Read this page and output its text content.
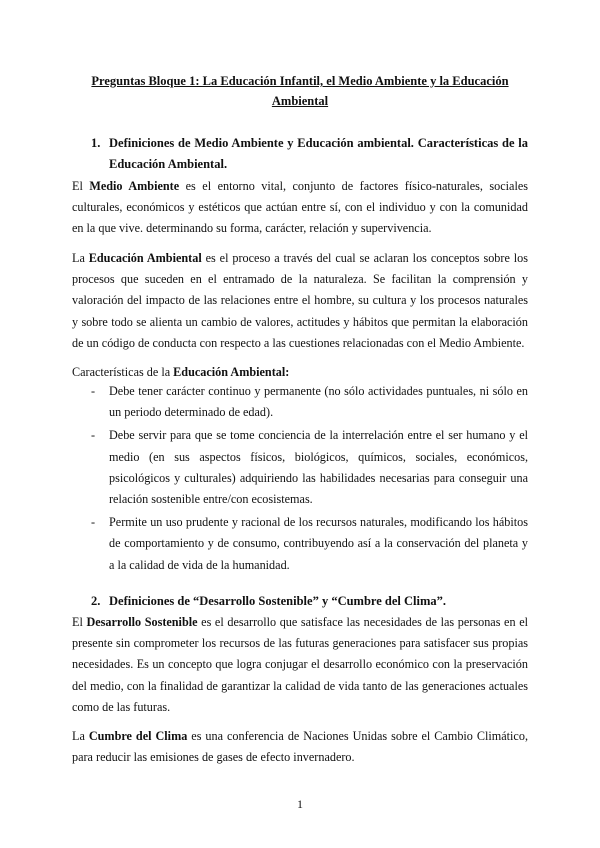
Preguntas Bloque 1: La Educación Infantil, el Medio Ambiente y la Educación Ambiental

1. Definiciones de Medio Ambiente y Educación ambiental. Características de la Educación Ambiental.

El Medio Ambiente es el entorno vital, conjunto de factores físico-naturales, sociales culturales, económicos y estéticos que actúan entre sí, con el individuo y con la comunidad en la que vive. determinando su forma, carácter, relación y supervivencia.

La Educación Ambiental es el proceso a través del cual se aclaran los conceptos sobre los procesos que suceden en el entramado de la naturaleza. Se facilitan la comprensión y valoración del impacto de las relaciones entre el hombre, su cultura y los procesos naturales y sobre todo se alienta un cambio de valores, actitudes y hábitos que permitan la elaboración de un código de conducta con respecto a las cuestiones relacionadas con el Medio Ambiente.

Características de la Educación Ambiental:

- Debe tener carácter continuo y permanente (no sólo actividades puntuales, ni sólo en un periodo determinado de edad).
- Debe servir para que se tome conciencia de la interrelación entre el ser humano y el medio (en sus aspectos físicos, biológicos, químicos, sociales, económicos, psicológicos y culturales) adquiriendo las habilidades necesarias para conseguir una relación sostenible entre/con ecosistemas.
- Permite un uso prudente y racional de los recursos naturales, modificando los hábitos de comportamiento y de consumo, contribuyendo así a la conservación del planeta y a la calidad de vida de la humanidad.
2. Definiciones de “Desarrollo Sostenible” y “Cumbre del Clima”.

El Desarrollo Sostenible es el desarrollo que satisface las necesidades de las personas en el presente sin comprometer los recursos de las futuras generaciones para satisfacer sus propias necesidades. Es un concepto que logra conjugar el desarrollo económico con la preservación del medio, con la finalidad de garantizar la calidad de vida tanto de las generaciones actuales como de las futuras.

La Cumbre del Clima es una conferencia de Naciones Unidas sobre el Cambio Climático, para reducir las emisiones de gases de efecto invernadero.

1
